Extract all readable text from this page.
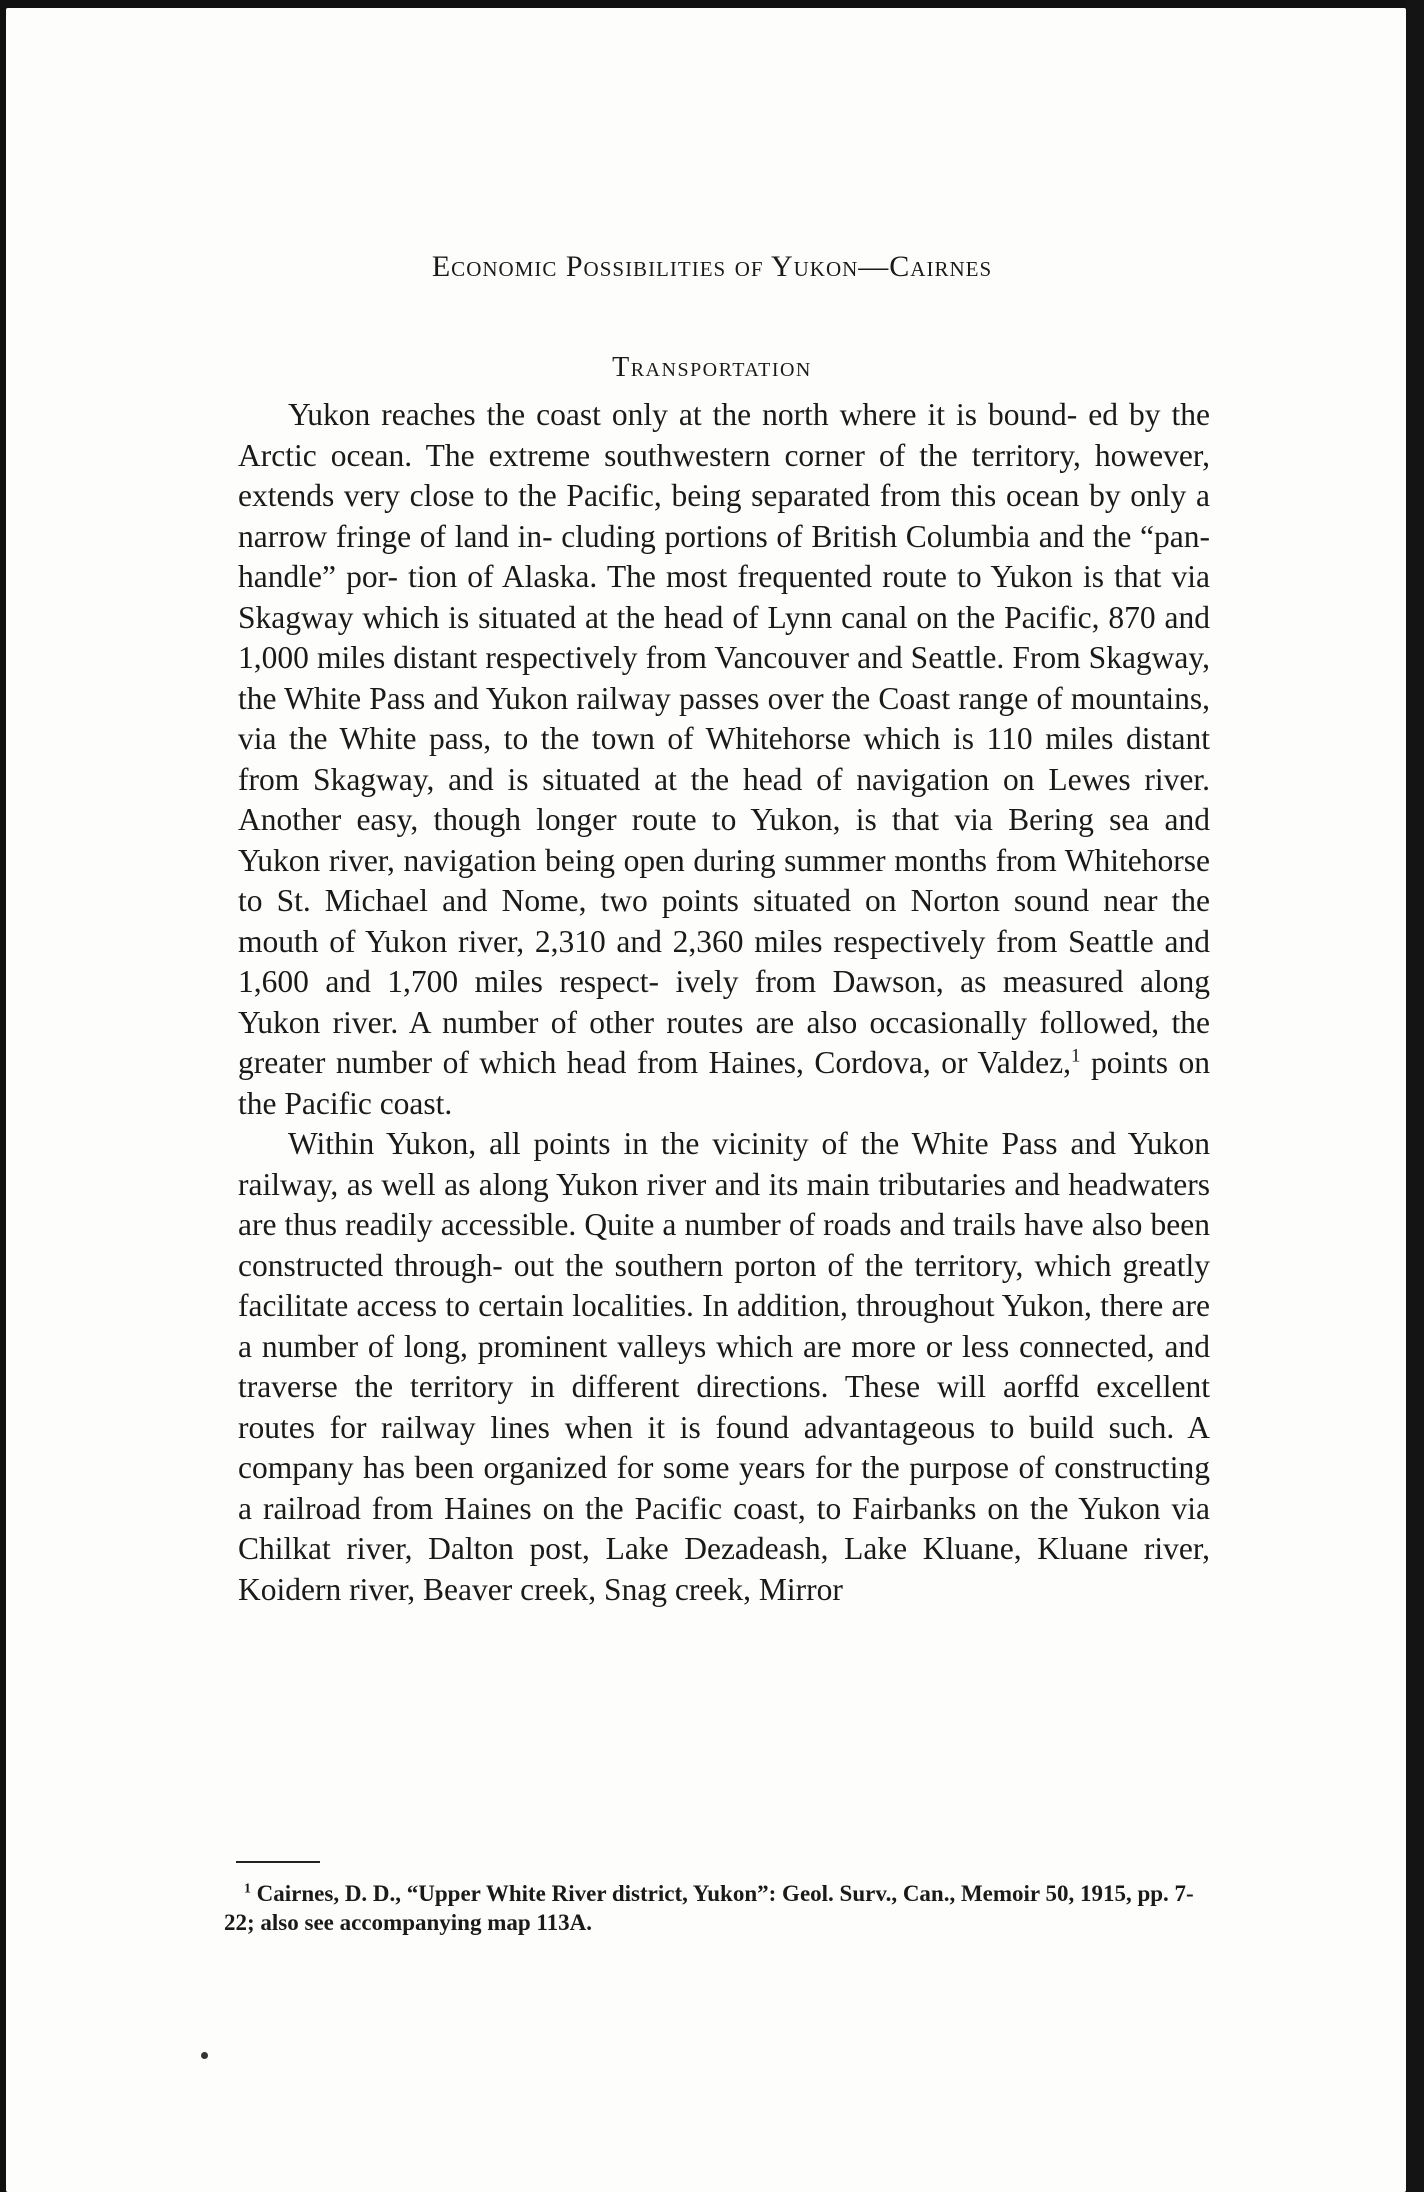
Economic Possibilities of Yukon—Cairnes
Transportation

Yukon reaches the coast only at the north where it is bound- ed by the Arctic ocean. The extreme southwestern corner of the territory, however, extends very close to the Pacific, being separated from this ocean by only a narrow fringe of land in- cluding portions of British Columbia and the “pan-handle” por- tion of Alaska. The most frequented route to Yukon is that via Skagway which is situated at the head of Lynn canal on the Pacific, 870 and 1,000 miles distant respectively from Vancouver and Seattle. From Skagway, the White Pass and Yukon railway passes over the Coast range of mountains, via the White pass, to the town of Whitehorse which is 110 miles distant from Skagway, and is situated at the head of navigation on Lewes river. Another easy, though longer route to Yukon, is that via Bering sea and Yukon river, navigation being open during summer months from Whitehorse to St. Michael and Nome, two points situated on Norton sound near the mouth of Yukon river, 2,310 and 2,360 miles respectively from Seattle and 1,600 and 1,700 miles respect- ively from Dawson, as measured along Yukon river. A number of other routes are also occasionally followed, the greater number of which head from Haines, Cordova, or Valdez,$^1$ points on the Pacific coast.

Within Yukon, all points in the vicinity of the White Pass and Yukon railway, as well as along Yukon river and its main tributaries and headwaters are thus readily accessible. Quite a number of roads and trails have also been constructed through- out the southern porton of the territory, which greatly facilitate access to certain localities. In addition, throughout Yukon, there are a number of long, prominent valleys which are more or less connected, and traverse the territory in different directions. These will aorffd excellent routes for railway lines when it is found advantageous to build such. A company has been organized for some years for the purpose of constructing a railroad from Haines on the Pacific coast, to Fairbanks on the Yukon via Chilkat river, Dalton post, Lake Dezadeash, Lake Kluane, Kluane river, Koidern river, Beaver creek, Snag creek, Mirror

$^1$ Cairnes, D. D., “Upper White River district, Yukon”: Geol. Surv., Can., Memoir 50, 1915, pp. 7-22; also see accompanying map 113A.
